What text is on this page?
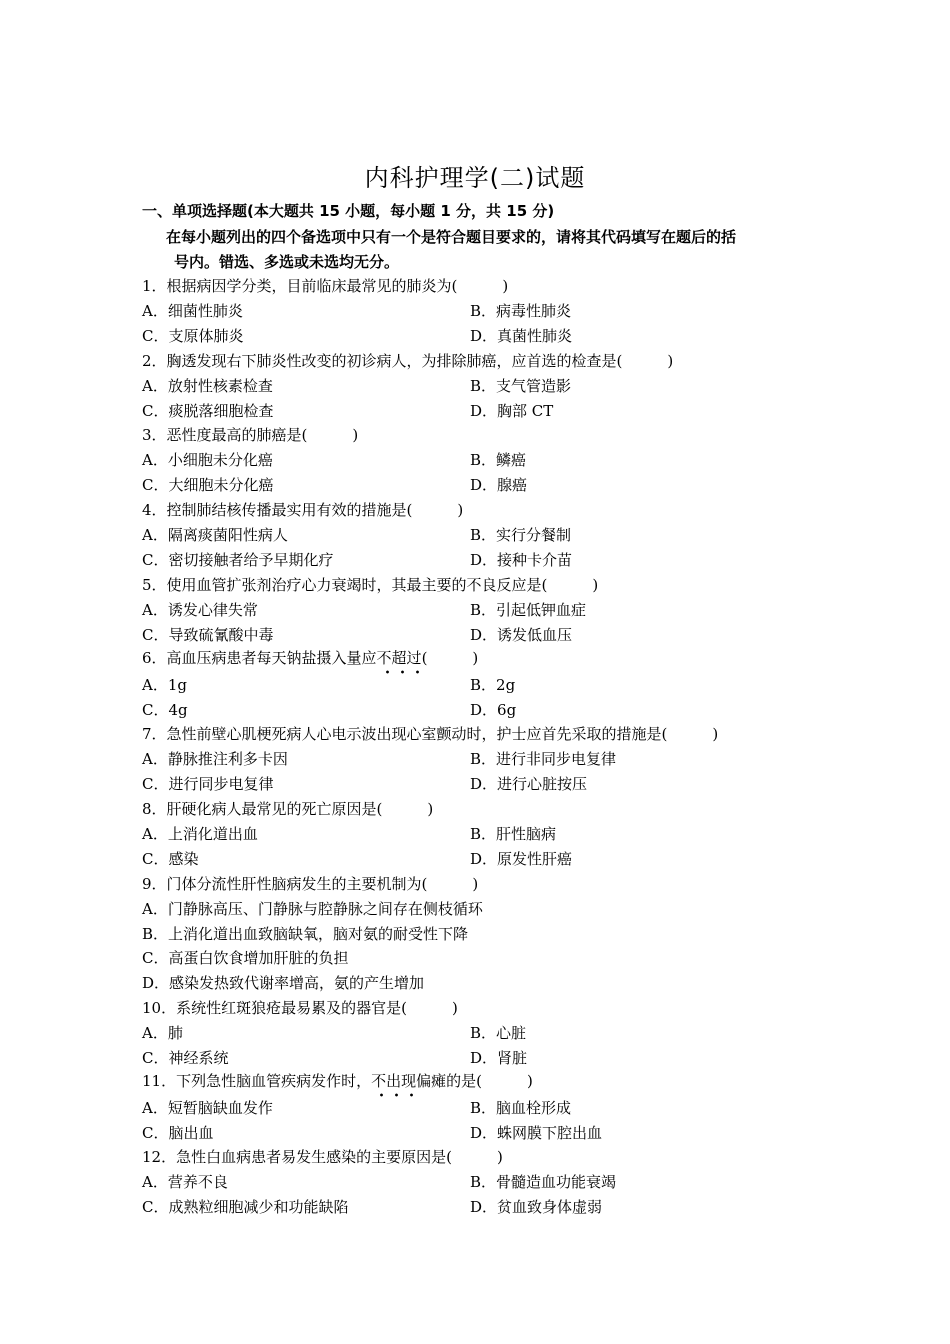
内科护理学(二)试题
一、单项选择题(本大题共 15 小题，每小题 1 分，共 15 分)
在每小题列出的四个备选项中只有一个是符合题目要求的，请将其代码填写在题后的括
号内。错选、多选或未选均无分。
1．根据病因学分类，目前临床最常见的肺炎为(　　　)
A．细菌性肺炎	B．病毒性肺炎
C．支原体肺炎	D．真菌性肺炎
2．胸透发现右下肺炎性改变的初诊病人，为排除肺癌，应首选的检查是(　　　)
A．放射性核素检查	B．支气管造影
C．痰脱落细胞检查	D．胸部 CT
3．恶性度最高的肺癌是(　　　)
A．小细胞未分化癌	B．鳞癌
C．大细胞未分化癌	D．腺癌
4．控制肺结核传播最实用有效的措施是(　　　)
A．隔离痰菌阳性病人	B．实行分餐制
C．密切接触者给予早期化疗	D．接种卡介苗
5．使用血管扩张剂治疗心力衰竭时，其最主要的不良反应是(　　　)
A．诱发心律失常	B．引起低钾血症
C．导致硫氰酸中毒	D．诱发低血压
6．高血压病患者每天钠盐摄入量应不超过(　　　)
A．1g	B．2g
C．4g	D．6g
7．急性前壁心肌梗死病人心电示波出现心室颤动时，护士应首先采取的措施是(　　　)
A．静脉推注利多卡因	B．进行非同步电复律
C．进行同步电复律	D．进行心脏按压
8．肝硬化病人最常见的死亡原因是(　　　)
A．上消化道出血	B．肝性脑病
C．感染	D．原发性肝癌
9．门体分流性肝性脑病发生的主要机制为(　　　)
A．门静脉高压、门静脉与腔静脉之间存在侧枝循环
B．上消化道出血致脑缺氧，脑对氨的耐受性下降
C．高蛋白饮食增加肝脏的负担
D．感染发热致代谢率增高，氨的产生增加
10．系统性红斑狼疮最易累及的器官是(　　　)
A．肺	B．心脏
C．神经系统	D．肾脏
11．下列急性脑血管疾病发作时，不出现偏瘫的是(　　　)
A．短暂脑缺血发作	B．脑血栓形成
C．脑出血	D．蛛网膜下腔出血
12．急性白血病患者易发生感染的主要原因是(　　　)
A．营养不良	B．骨髓造血功能衰竭
C．成熟粒细胞减少和功能缺陷	D．贫血致身体虚弱
